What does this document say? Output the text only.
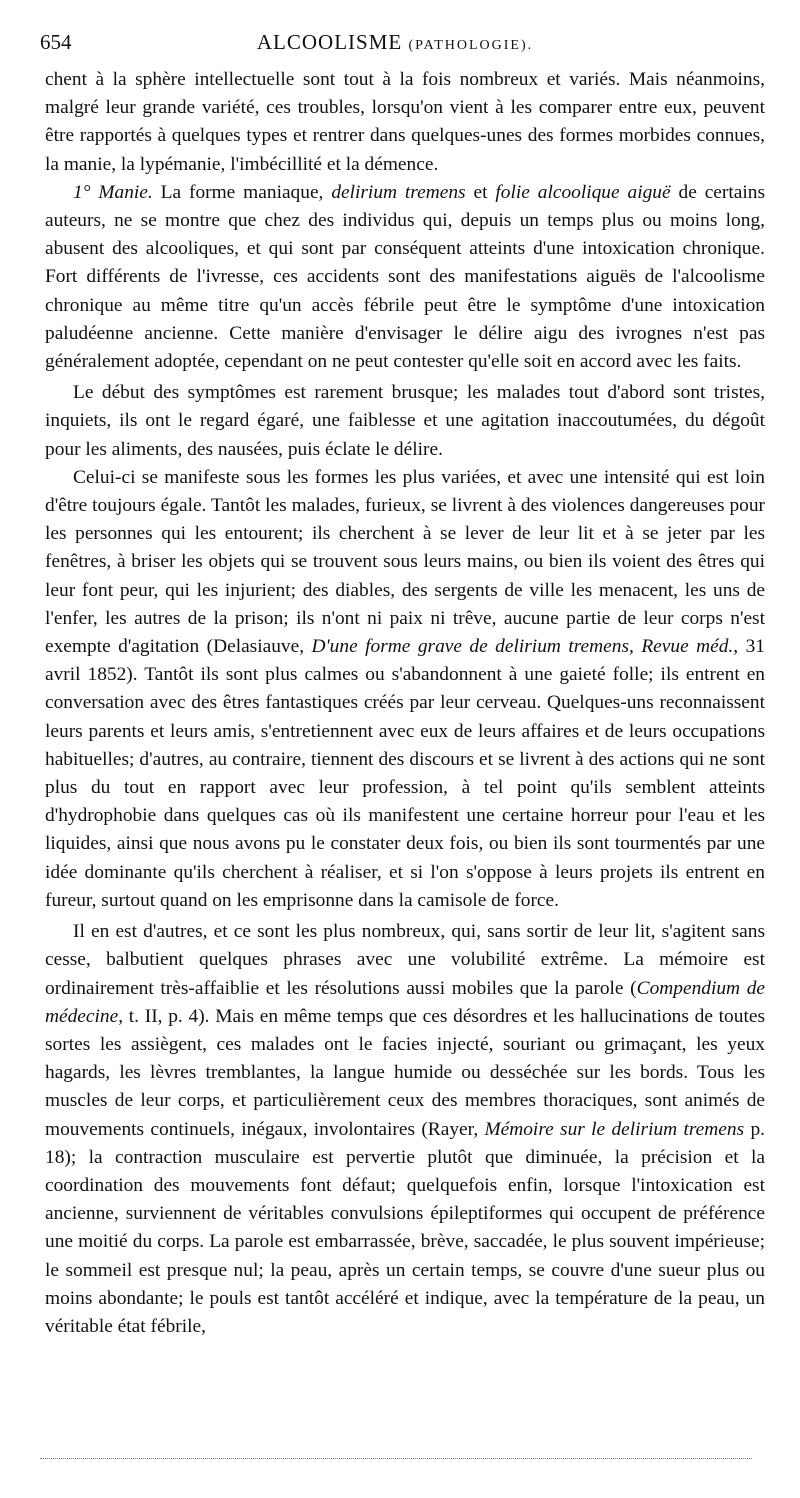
654	ALCOOLISME (PATHOLOGIE).

chent à la sphère intellectuelle sont tout à la fois nombreux et variés. Mais néanmoins, malgré leur grande variété, ces troubles, lorsqu'on vient à les comparer entre eux, peuvent être rapportés à quelques types et rentrer dans quelques-unes des formes morbides connues, la manie, la lypémanie, l'imbécillité et la démence.

1° Manie. La forme maniaque, delirium tremens et folie alcoolique aiguë de certains auteurs, ne se montre que chez des individus qui, depuis un temps plus ou moins long, abusent des alcooliques, et qui sont par conséquent atteints d'une intoxication chronique. Fort différents de l'ivresse, ces accidents sont des manifestations aiguës de l'alcoolisme chronique au même titre qu'un accès fébrile peut être le symptôme d'une intoxication paludéenne ancienne. Cette manière d'envisager le délire aigu des ivrognes n'est pas généralement adoptée, cependant on ne peut contester qu'elle soit en accord avec les faits.

Le début des symptômes est rarement brusque; les malades tout d'abord sont tristes, inquiets, ils ont le regard égaré, une faiblesse et une agitation inaccoutumées, du dégoût pour les aliments, des nausées, puis éclate le délire.

Celui-ci se manifeste sous les formes les plus variées, et avec une intensité qui est loin d'être toujours égale. Tantôt les malades, furieux, se livrent à des violences dangereuses pour les personnes qui les entourent; ils cherchent à se lever de leur lit et à se jeter par les fenêtres, à briser les objets qui se trouvent sous leurs mains, ou bien ils voient des êtres qui leur font peur, qui les injurient; des diables, des sergents de ville les menacent, les uns de l'enfer, les autres de la prison; ils n'ont ni paix ni trêve, aucune partie de leur corps n'est exempte d'agitation (Delasiauve, D'une forme grave de delirium tremens, Revue méd., 31 avril 1852). Tantôt ils sont plus calmes ou s'abandonnent à une gaieté folle; ils entrent en conversation avec des êtres fantastiques créés par leur cerveau. Quelques-uns reconnaissent leurs parents et leurs amis, s'entretiennent avec eux de leurs affaires et de leurs occupations habituelles; d'autres, au contraire, tiennent des discours et se livrent à des actions qui ne sont plus du tout en rapport avec leur profession, à tel point qu'ils semblent atteints d'hydrophobie dans quelques cas où ils manifestent une certaine horreur pour l'eau et les liquides, ainsi que nous avons pu le constater deux fois, ou bien ils sont tourmentés par une idée dominante qu'ils cherchent à réaliser, et si l'on s'oppose à leurs projets ils entrent en fureur, surtout quand on les emprisonne dans la camisole de force.

Il en est d'autres, et ce sont les plus nombreux, qui, sans sortir de leur lit, s'agitent sans cesse, balbutient quelques phrases avec une volubilité extrême. La mémoire est ordinairement très-affaiblie et les résolutions aussi mobiles que la parole (Compendium de médecine, t. II, p. 4). Mais en même temps que ces désordres et les hallucinations de toutes sortes les assiègent, ces malades ont le facies injecté, souriant ou grimaçant, les yeux hagards, les lèvres tremblantes, la langue humide ou desséchée sur les bords. Tous les muscles de leur corps, et particulièrement ceux des membres thoraciques, sont animés de mouvements continuels, inégaux, involontaires (Rayer, Mémoire sur le delirium tremens p. 18); la contraction musculaire est pervertie plutôt que diminuée, la précision et la coordination des mouvements font défaut; quelquefois enfin, lorsque l'intoxication est ancienne, surviennent de véritables convulsions épileptiformes qui occupent de préférence une moitié du corps. La parole est embarrassée, brève, saccadée, le plus souvent impérieuse; le sommeil est presque nul; la peau, après un certain temps, se couvre d'une sueur plus ou moins abondante; le pouls est tantôt accéléré et indique, avec la température de la peau, un véritable état fébrile,
